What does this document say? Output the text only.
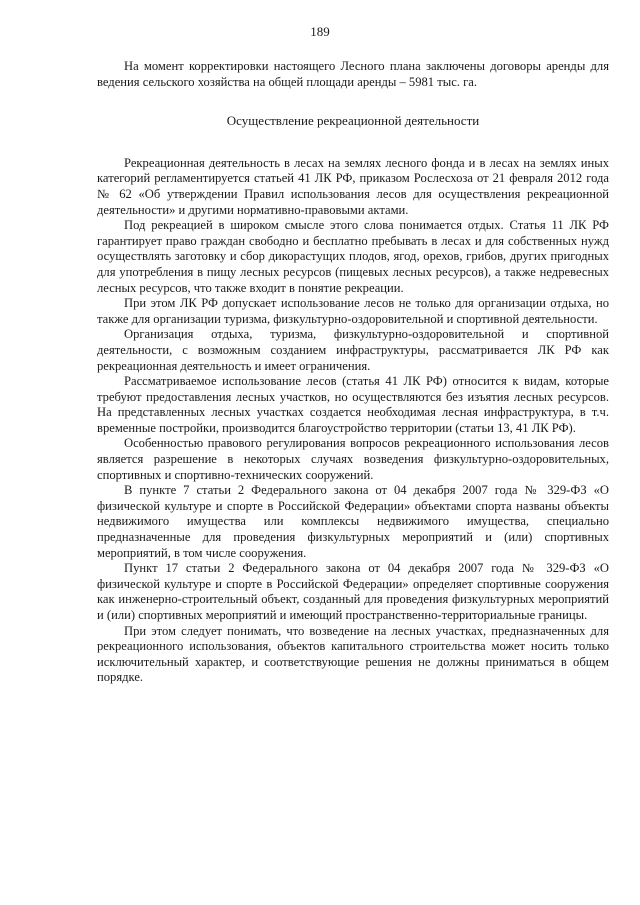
189

На момент корректировки настоящего Лесного плана заключены договоры аренды для ведения сельского хозяйства на общей площади аренды – 5981 тыс. га.

Осуществление рекреационной деятельности

Рекреационная деятельность в лесах на землях лесного фонда и в лесах на землях иных категорий регламентируется статьей 41 ЛК РФ, приказом Рослесхоза от 21 февраля 2012 года № 62 «Об утверждении Правил использования лесов для осуществления рекреационной деятельности» и другими нормативно-правовыми актами.

Под рекреацией в широком смысле этого слова понимается отдых. Статья 11 ЛК РФ гарантирует право граждан свободно и бесплатно пребывать в лесах и для собственных нужд осуществлять заготовку и сбор дикорастущих плодов, ягод, орехов, грибов, других пригодных для употребления в пищу лесных ресурсов (пищевых лесных ресурсов), а также недревесных лесных ресурсов, что также входит в понятие рекреации.

При этом ЛК РФ допускает использование лесов не только для организации отдыха, но также для организации туризма, физкультурно-оздоровительной и спортивной деятельности.

Организация отдыха, туризма, физкультурно-оздоровительной и спортивной деятельности, с возможным созданием инфраструктуры, рассматривается ЛК РФ как рекреационная деятельность и имеет ограничения.

Рассматриваемое использование лесов (статья 41 ЛК РФ) относится к видам, которые требуют предоставления лесных участков, но осуществляются без изъятия лесных ресурсов. На представленных лесных участках создается необходимая лесная инфраструктура, в т.ч. временные постройки, производится благоустройство территории (статьи 13, 41 ЛК РФ).

Особенностью правового регулирования вопросов рекреационного использования лесов является разрешение в некоторых случаях возведения физкультурно-оздоровительных, спортивных и спортивно-технических сооружений.

В пункте 7 статьи 2 Федерального закона от 04 декабря 2007 года № 329-ФЗ «О физической культуре и спорте в Российской Федерации» объектами спорта названы объекты недвижимого имущества или комплексы недвижимого имущества, специально предназначенные для проведения физкультурных мероприятий и (или) спортивных мероприятий, в том числе сооружения.

Пункт 17 статьи 2 Федерального закона от 04 декабря 2007 года № 329-ФЗ «О физической культуре и спорте в Российской Федерации» определяет спортивные сооружения как инженерно-строительный объект, созданный для проведения физкультурных мероприятий и (или) спортивных мероприятий и имеющий пространственно-территориальные границы.

При этом следует понимать, что возведение на лесных участках, предназначенных для рекреационного использования, объектов капитального строительства может носить только исключительный характер, и соответствующие решения не должны приниматься в общем порядке.
